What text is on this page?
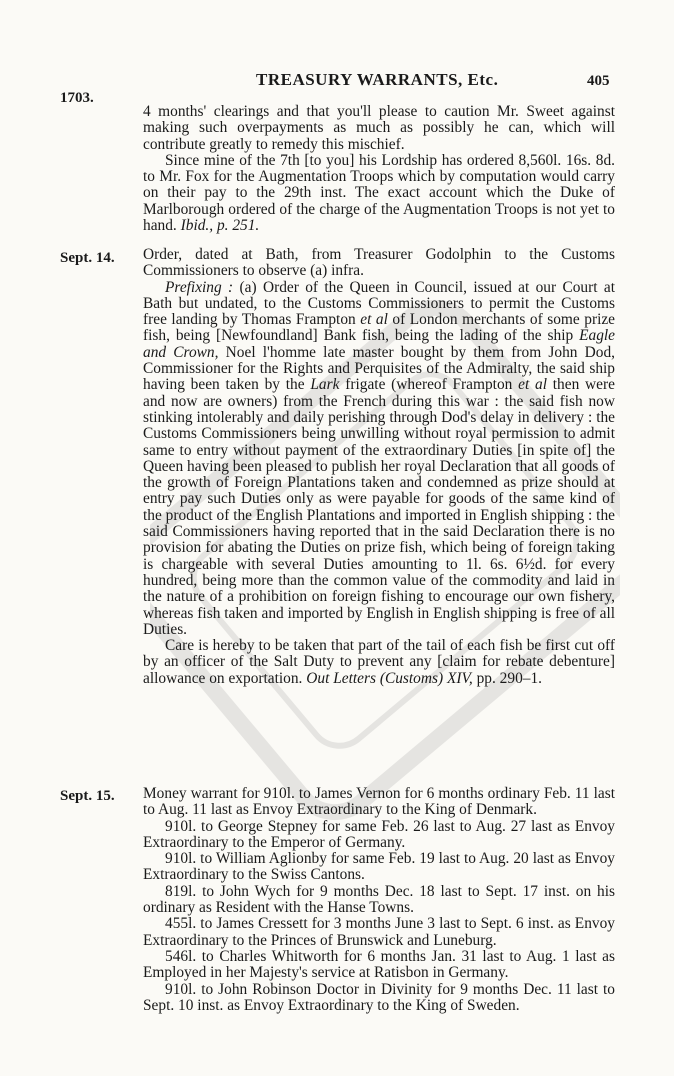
TREASURY WARRANTS, Etc.	405
1703.

4 months' clearings and that you'll please to caution Mr. Sweet against making such overpayments as much as possibly he can, which will contribute greatly to remedy this mischief.

Since mine of the 7th [to you] his Lordship has ordered 8,560l. 16s. 8d. to Mr. Fox for the Augmentation Troops which by computation would carry on their pay to the 29th inst. The exact account which the Duke of Marlborough ordered of the charge of the Augmentation Troops is not yet to hand. Ibid., p. 251.

Sept. 14. Order, dated at Bath, from Treasurer Godolphin to the Customs Commissioners to observe (a) infra.

Prefixing : (a) Order of the Queen in Council, issued at our Court at Bath but undated, to the Customs Commissioners to permit the Customs free landing by Thomas Frampton et al of London merchants of some prize fish, being [Newfoundland] Bank fish, being the lading of the ship Eagle and Crown, Noel l'homme late master bought by them from John Dod, Commissioner for the Rights and Perquisites of the Admiralty, the said ship having been taken by the Lark frigate (whereof Frampton et al then were and now are owners) from the French during this war : the said fish now stinking intolerably and daily perishing through Dod's delay in delivery : the Customs Commissioners being unwilling without royal permission to admit same to entry without payment of the extraordinary Duties [in spite of] the Queen having been pleased to publish her royal Declaration that all goods of the growth of Foreign Plantations taken and condemned as prize should at entry pay such Duties only as were payable for goods of the same kind of the product of the English Plantations and imported in English shipping : the said Commissioners having reported that in the said Declaration there is no provision for abating the Duties on prize fish, which being of foreign taking is chargeable with several Duties amounting to 1l. 6s. 6½d. for every hundred, being more than the common value of the commodity and laid in the nature of a prohibition on foreign fishing to encourage our own fishery, whereas fish taken and imported by English in English shipping is free of all Duties.

Care is hereby to be taken that part of the tail of each fish be first cut off by an officer of the Salt Duty to prevent any [claim for rebate debenture] allowance on exportation. Out Letters (Customs) XIV, pp. 290–1.

Sept. 15. Money warrant for 910l. to James Vernon for 6 months ordinary Feb. 11 last to Aug. 11 last as Envoy Extraordinary to the King of Denmark.

910l. to George Stepney for same Feb. 26 last to Aug. 27 last as Envoy Extraordinary to the Emperor of Germany.

910l. to William Aglionby for same Feb. 19 last to Aug. 20 last as Envoy Extraordinary to the Swiss Cantons.

819l. to John Wych for 9 months Dec. 18 last to Sept. 17 inst. on his ordinary as Resident with the Hanse Towns.

455l. to James Cressett for 3 months June 3 last to Sept. 6 inst. as Envoy Extraordinary to the Princes of Brunswick and Luneburg.

546l. to Charles Whitworth for 6 months Jan. 31 last to Aug. 1 last as Employed in her Majesty's service at Ratisbon in Germany.

910l. to John Robinson Doctor in Divinity for 9 months Dec. 11 last to Sept. 10 inst. as Envoy Extraordinary to the King of Sweden.
